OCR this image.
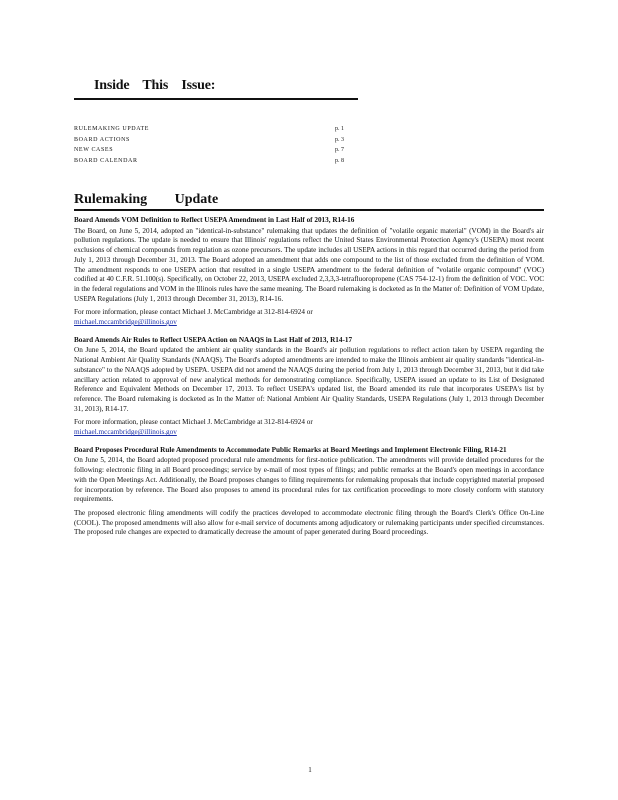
Inside This Issue:
RULEMAKING UPDATE	p. 1
BOARD ACTIONS	p. 3
NEW CASES	p. 7
BOARD CALENDAR	p. 8
Rulemaking Update

Board Amends VOM Definition to Reflect USEPA Amendment in Last Half of 2013, R14-16

The Board, on June 5, 2014, adopted an "identical-in-substance" rulemaking that updates the definition of "volatile organic material" (VOM) in the Board's air pollution regulations. The update is needed to ensure that Illinois' regulations reflect the United States Environmental Protection Agency's (USEPA) most recent exclusions of chemical compounds from regulation as ozone precursors. The update includes all USEPA actions in this regard that occurred during the period from July 1, 2013 through December 31, 2013. The Board adopted an amendment that adds one compound to the list of those excluded from the definition of VOM. The amendment responds to one USEPA action that resulted in a single USEPA amendment to the federal definition of "volatile organic compound" (VOC) codified at 40 C.F.R. 51.100(s). Specifically, on October 22, 2013, USEPA excluded 2,3,3,3-tetrafluoropropene (CAS 754-12-1) from the definition of VOC. VOC in the federal regulations and VOM in the Illinois rules have the same meaning. The Board rulemaking is docketed as In the Matter of: Definition of VOM Update, USEPA Regulations (July 1, 2013 through December 31, 2013), R14-16.

For more information, please contact Michael J. McCambridge at 312-814-6924 or

michael.mccambridge@illinois.gov

Board Amends Air Rules to Reflect USEPA Action on NAAQS in Last Half of 2013, R14-17

On June 5, 2014, the Board updated the ambient air quality standards in the Board's air pollution regulations to reflect action taken by USEPA regarding the National Ambient Air Quality Standards (NAAQS). The Board's adopted amendments are intended to make the Illinois ambient air quality standards "identical-in-substance" to the NAAQS adopted by USEPA. USEPA did not amend the NAAQS during the period from July 1, 2013 through December 31, 2013, but it did take ancillary action related to approval of new analytical methods for demonstrating compliance. Specifically, USEPA issued an update to its List of Designated Reference and Equivalent Methods on December 17, 2013. To reflect USEPA's updated list, the Board amended its rule that incorporates USEPA's list by reference. The Board rulemaking is docketed as In the Matter of: National Ambient Air Quality Standards, USEPA Regulations (July 1, 2013 through December 31, 2013), R14-17.

For more information, please contact Michael J. McCambridge at 312-814-6924 or

michael.mccambridge@illinois.gov

Board Proposes Procedural Rule Amendments to Accommodate Public Remarks at Board Meetings and Implement Electronic Filing, R14-21

On June 5, 2014, the Board adopted proposed procedural rule amendments for first-notice publication. The amendments will provide detailed procedures for the following: electronic filing in all Board proceedings; service by e-mail of most types of filings; and public remarks at the Board's open meetings in accordance with the Open Meetings Act. Additionally, the Board proposes changes to filing requirements for rulemaking proposals that include copyrighted material proposed for incorporation by reference. The Board also proposes to amend its procedural rules for tax certification proceedings to more closely conform with statutory requirements.

The proposed electronic filing amendments will codify the practices developed to accommodate electronic filing through the Board's Clerk's Office On-Line (COOL). The proposed amendments will also allow for e-mail service of documents among adjudicatory or rulemaking participants under specified circumstances. The proposed rule changes are expected to dramatically decrease the amount of paper generated during Board proceedings.

1
